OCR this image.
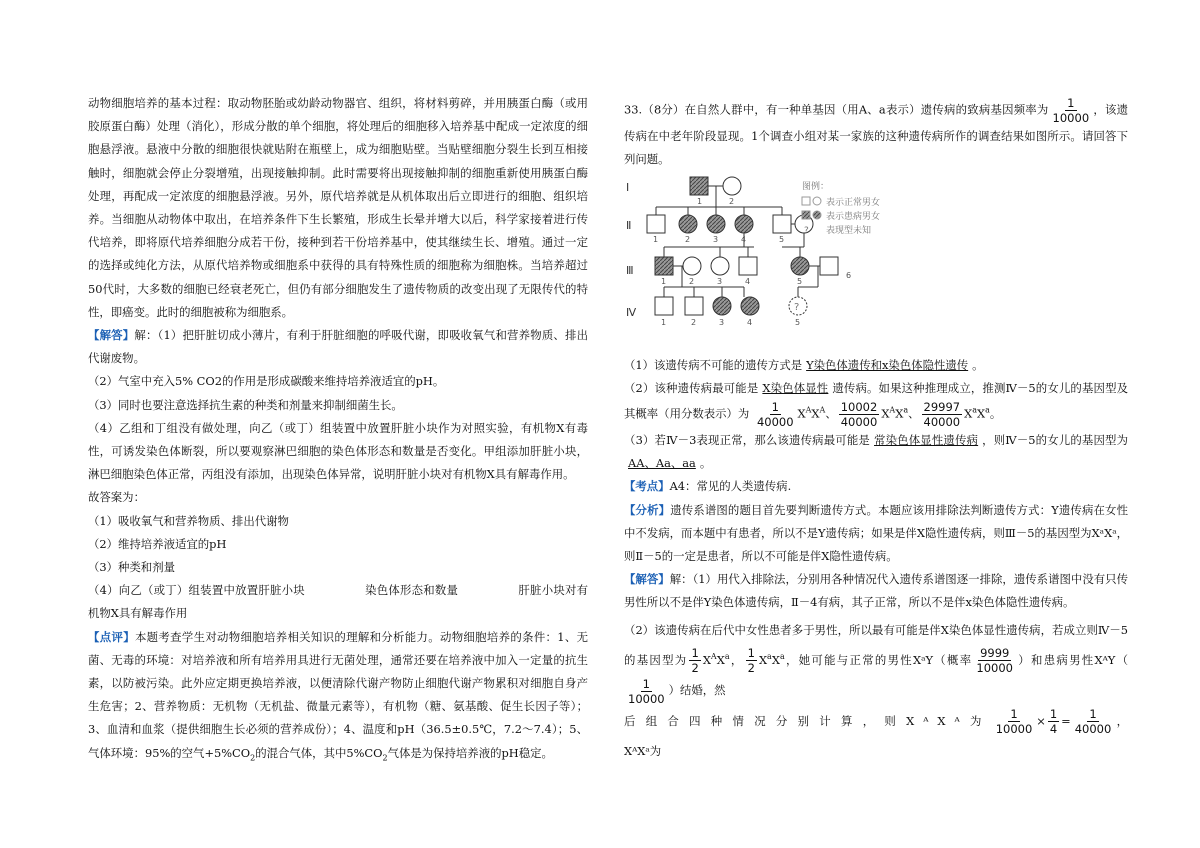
动物细胞培养的基本过程：取动物胚胎或幼龄动物器官、组织，将材料剪碎，并用胰蛋白酶（或用胶原蛋白酶）处理（消化），形成分散的单个细胞，将处理后的细胞移入培养基中配成一定浓度的细胞悬浮液。悬液中分散的细胞很快就贴附在瓶壁上，成为细胞贴壁。当贴壁细胞分裂生长到互相接触时，细胞就会停止分裂增殖，出现接触抑制。此时需要将出现接触抑制的细胞重新使用胰蛋白酶处理，再配成一定浓度的细胞悬浮液。另外，原代培养就是从机体取出后立即进行的细胞、组织培养。当细胞从动物体中取出，在培养条件下生长繁殖，形成生长晕并增大以后，科学家接着进行传代培养，即将原代培养细胞分成若干份，接种到若干份培养基中，使其继续生长、增殖。通过一定的选择或纯化方法，从原代培养物或细胞系中获得的具有特殊性质的细胞称为细胞株。当培养超过50代时，大多数的细胞已经衰老死亡，但仍有部分细胞发生了遗传物质的改变出现了无限传代的特性，即癌变。此时的细胞被称为细胞系。

【解答】解：（1）把肝脏切成小薄片，有利于肝脏细胞的呼吸代谢，即吸收氧气和营养物质、排出代谢废物。

（2）气室中充入5% CO2的作用是形成碳酸来维持培养液适宜的pH。

（3）同时也要注意选择抗生素的种类和剂量来抑制细菌生长。

（4）乙组和丁组没有做处理，向乙（或丁）组装置中放置肝脏小块作为对照实验，有机物X有毒性，可诱发染色体断裂，所以要观察淋巴细胞的染色体形态和数量是否变化。甲组添加肝脏小块，淋巴细胞染色体正常，丙组没有添加，出现染色体异常，说明肝脏小块对有机物X具有解毒作用。

故答案为：

（1）吸收氧气和营养物质、排出代谢物

（2）维持培养液适宜的pH

（3）种类和剂量

（4）向乙（或丁）组装置中放置肝脏小块	染色体形态和数量	肝脏小块对有机物X具有解毒作用

【点评】本题考查学生对动物细胞培养相关知识的理解和分析能力。动物细胞培养的条件：1、无菌、无毒的环境：对培养液和所有培养用具进行无菌处理，通常还要在培养液中加入一定量的抗生素，以防被污染。此外应定期更换培养液，以便清除代谢产物防止细胞代谢产物累积对细胞自身产生危害；2、营养物质：无机物（无机盐、微量元素等），有机物（糖、氨基酸、促生长因子等）；3、血清和血浆（提供细胞生长必须的营养成份）；4、温度和pH（36.5±0.5℃，7.2～7.4）；5、气体环境：95%的空气$+5\%CO_2$的混合气体，其中$5\%CO_2$气体是为保持培养液的pH稳定。

33.（8分）在自然人群中，有一种单基因（用A、a表示）遗传病的致病基因频率为 $\frac{1}{10000}$ ，该遗传病在中老年阶段显现。1个调查小组对某一家族的这种遗传病所作的调查结果如图所示。请回答下列问题。

Ⅰ
Ⅱ
Ⅲ
Ⅳ	?
1	2
1	2	3	4	5
1	2	3	4	5
6
1	2	3	4	5
图例：
表示正常男女
表示患病男女
? 表现型未知

（1）该遗传病不可能的遗传方式是 Y染色体遗传和x染色体隐性遗传 。

（2）该种遗传病最可能是 X染色体显性 遗传病。如果这种推理成立，推测Ⅳ－5的女儿的基因型及其概率（用分数表示）为 $\frac{1}{40000} X^AX^A$、 $\frac{10002}{40000} X^AX^a$、 $\frac{29997}{40000} X^aX^a$。

（3）若Ⅳ－3表现正常，那么该遗传病最可能是 常染色体显性遗传病 ，则Ⅳ－5的女儿的基因型为AA、Aa、aa 。

【考点】A4：常见的人类遗传病.

【分析】遗传系谱图的题目首先要判断遗传方式。本题应该用排除法判断遗传方式：Y遗传病在女性中不发病，而本题中有患者，所以不是Y遗传病；如果是伴X隐性遗传病，则Ⅲ－5的基因型为XᵃXᵃ，则Ⅱ－5的一定是患者，所以不可能是伴X隐性遗传病。

【解答】解：（1）用代入排除法，分别用各种情况代入遗传系谱图逐一排除，遗传系谱图中没有只传男性所以不是伴Y染色体遗传病，Ⅱ－4有病，其子正常，所以不是伴x染色体隐性遗传病。

（2）该遗传病在后代中女性患者多于男性，所以最有可能是伴X染色体显性遗传病，若成立则Ⅳ－5的基因型为 $\frac{1}{2} X^AX^a$， $\frac{1}{2} X^aX^a$，她可能与正常的男性XᵃY（概率 $\frac{9999}{10000}$ ）和患病男性XᴬY（
$\frac{1}{10000}$ ）结婚，然

后组合四种情况分别计算，则XᴬXᴬ为 $\frac{1}{10000} \times \frac{1}{4} = \frac{1}{40000}$ ，XᴬXᵃ为
